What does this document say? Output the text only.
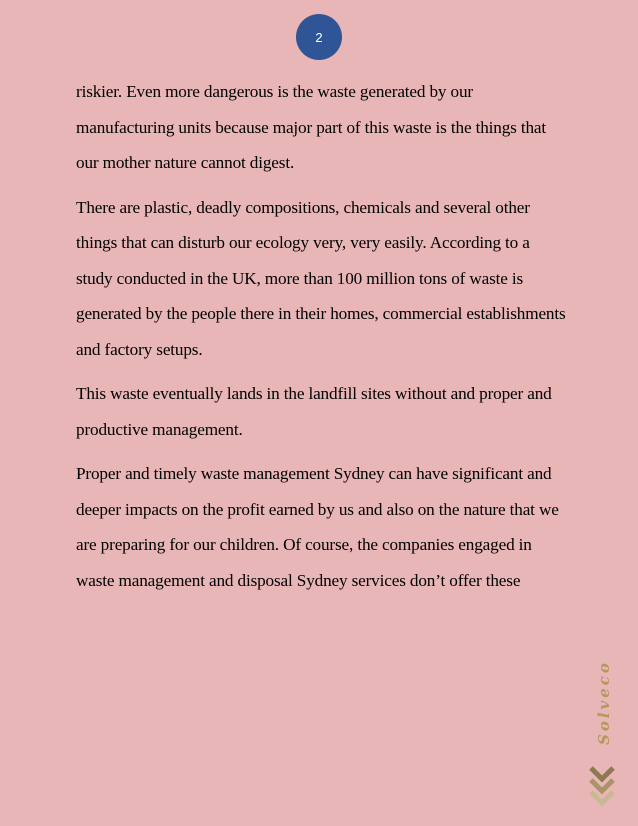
2

riskier. Even more dangerous is the waste generated by our manufacturing units because major part of this waste is the things that our mother nature cannot digest.

There are plastic, deadly compositions, chemicals and several other things that can disturb our ecology very, very easily. According to a study conducted in the UK, more than 100 million tons of waste is generated by the people there in their homes, commercial establishments and factory setups.

This waste eventually lands in the landfill sites without and proper and productive management.

Proper and timely waste management Sydney can have significant and deeper impacts on the profit earned by us and also on the nature that we are preparing for our children. Of course, the companies engaged in waste management and disposal Sydney services don’t offer these

Solveco
